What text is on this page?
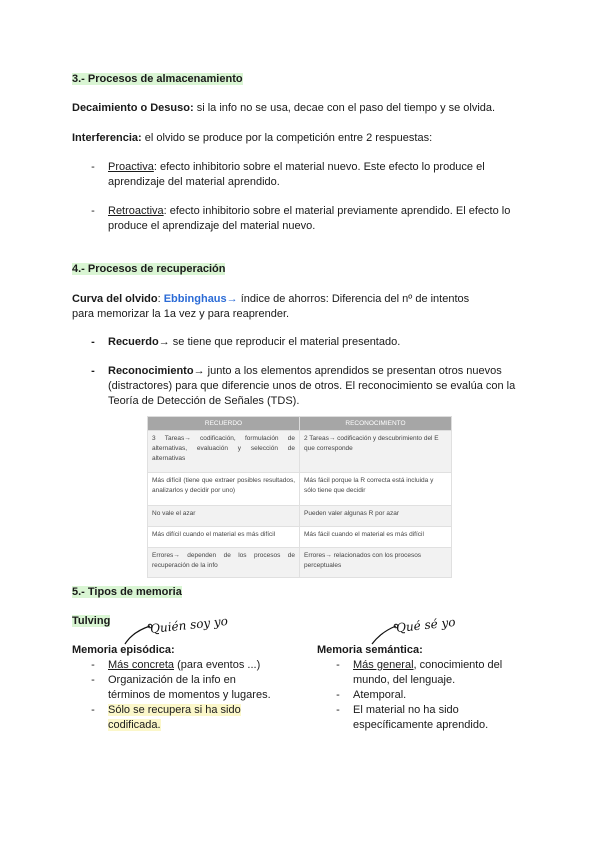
3.- Procesos de almacenamiento
Decaimiento o Desuso: si la info no se usa, decae con el paso del tiempo y se olvida.
Interferencia: el olvido se produce por la competición entre 2 respuestas:
- Proactiva: efecto inhibitorio sobre el material nuevo. Este efecto lo produce el
aprendizaje del material aprendido.
- Retroactiva: efecto inhibitorio sobre el material previamente aprendido. El efecto lo
produce el aprendizaje del material nuevo.
4.- Procesos de recuperación
Curva del olvido: Ebbinghaus→ índice de ahorros: Diferencia del nº de intentos
para memorizar la 1a vez y para reaprender.
- Recuerdo→ se tiene que reproducir el material presentado.
- Reconocimiento→ junto a los elementos aprendidos se presentan otros nuevos
(distractores) para que diferencie unos de otros. El reconocimiento se evalúa con la
Teoría de Detección de Señales (TDS).
RECUERDO	RECONOCIMIENTO
3 Tareas→ codificación, formulación de alternativas, evaluación y selección de alternativas	2 Tareas→ codificación y descubrimiento del E que corresponde
Más difícil (tiene que extraer posibles resultados, analizarlos y decidir por uno)	Más fácil porque la R correcta está incluida y sólo tiene que decidir
No vale el azar	Pueden valer algunas R por azar
Más difícil cuando el material es más difícil	Más fácil cuando el material es más difícil
Errores→ dependen de los procesos de recuperación de la info	Errores→ relacionados con los procesos perceptuales
5.- Tipos de memoria
Tulving	Quién soy yo	Qué sé yo
Memoria episódica:
- Más concreta (para eventos ...)
- Organización de la info en
términos de momentos y lugares.
- Sólo se recupera si ha sido
codificada.
Memoria semántica:
- Más general, conocimiento del
mundo, del lenguaje.
- Atemporal.
- El material no ha sido
específicamente aprendido.
